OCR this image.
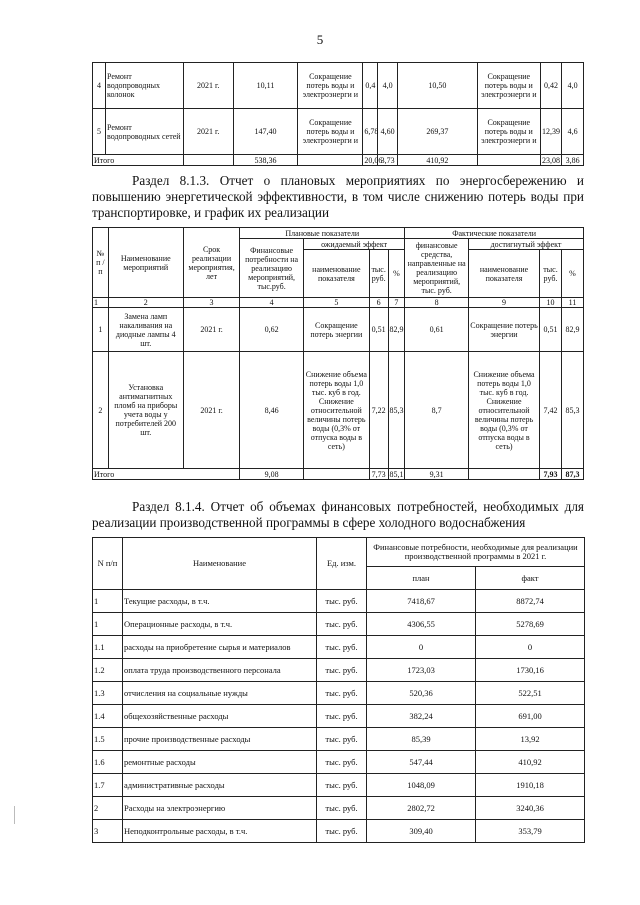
5
4	Ремонт водопроводных колонок	2021 г.	10,11	Сокращение потерь воды и электроэнерги и	0,4	4,0	10,50	Сокращение потерь воды и электроэнерги и	0,42	4,0
5	Ремонт водопроводных сетей	2021 г.	147,40	Сокращение потерь воды и электроэнерги и	6,78	4,60	269,37	Сокращение потерь воды и электроэнерги и	12,39	4,6
Итого			538,36		20,06	3,73	410,92		23,08	3,86
Раздел 8.1.3. Отчет о плановых мероприятиях по энергосбережению и повышению энергетической эффективности, в том числе снижению потерь воды при транспортировке, и график их реализации
№ п / п	Наименование мероприятий	Срок реализации мероприятия, лет	Плановые показатели				Фактические показатели			
			Финансовые потребности на реализацию мероприятий, тыс.руб.	ожидаемый эффект			финансовые средства, направленные на реализацию мероприятий, тыс. руб.	достигнутый эффект		
				наименование показателя	тыс. руб.	%		наименование показателя	тыс. руб.	%
1	2	3	4	5	6	7	8	9	10	11
1	Замена ламп накаливания на диодные лампы 4 шт.	2021 г.	0,62	Сокращение потерь энергии	0,51	82,9	0,61	Сокращение потерь энергии	0,51	82,9
2	Установка антимагнитных пломб на приборы учета воды у потребителей 200 шт.	2021 г.	8,46	Снижение объема потерь воды 1,0 тыс. куб в год. Снижение относительной величины потерь воды (0,3% от отпуска воды в сеть)	7,22	85,3	8,7	Снижение объема потерь воды 1,0 тыс. куб в год. Снижение относительной величины потерь воды (0,3% от отпуска воды в сеть)	7,42	85,3
Итого			9,08		7,73	85,1	9,31		7,93	87,3
Раздел 8.1.4. Отчет об объемах финансовых потребностей, необходимых для реализации производственной программы в сфере холодного водоснабжения
N п/п	Наименование	Ед. изм.	Финансовые потребности, необходимые для реализации производственной программы в 2021 г.	
			план	факт
1	Текущие расходы, в т.ч.	тыс. руб.	7418,67	8872,74
1	Операционные расходы, в т.ч.	тыс. руб.	4306,55	5278,69
1.1	расходы на приобретение сырья и материалов	тыс. руб.	0	0
1.2	оплата труда производственного персонала	тыс. руб.	1723,03	1730,16
1.3	отчисления на социальные нужды	тыс. руб.	520,36	522,51
1.4	общехозяйственные расходы	тыс. руб.	382,24	691,00
1.5	прочие производственные расходы	тыс. руб.	85,39	13,92
1.6	ремонтные расходы	тыс. руб.	547,44	410,92
1.7	административные расходы	тыс. руб.	1048,09	1910,18
2	Расходы на электроэнергию	тыс. руб.	2802,72	3240,36
3	Неподконтрольные расходы, в т.ч.	тыс. руб.	309,40	353,79
